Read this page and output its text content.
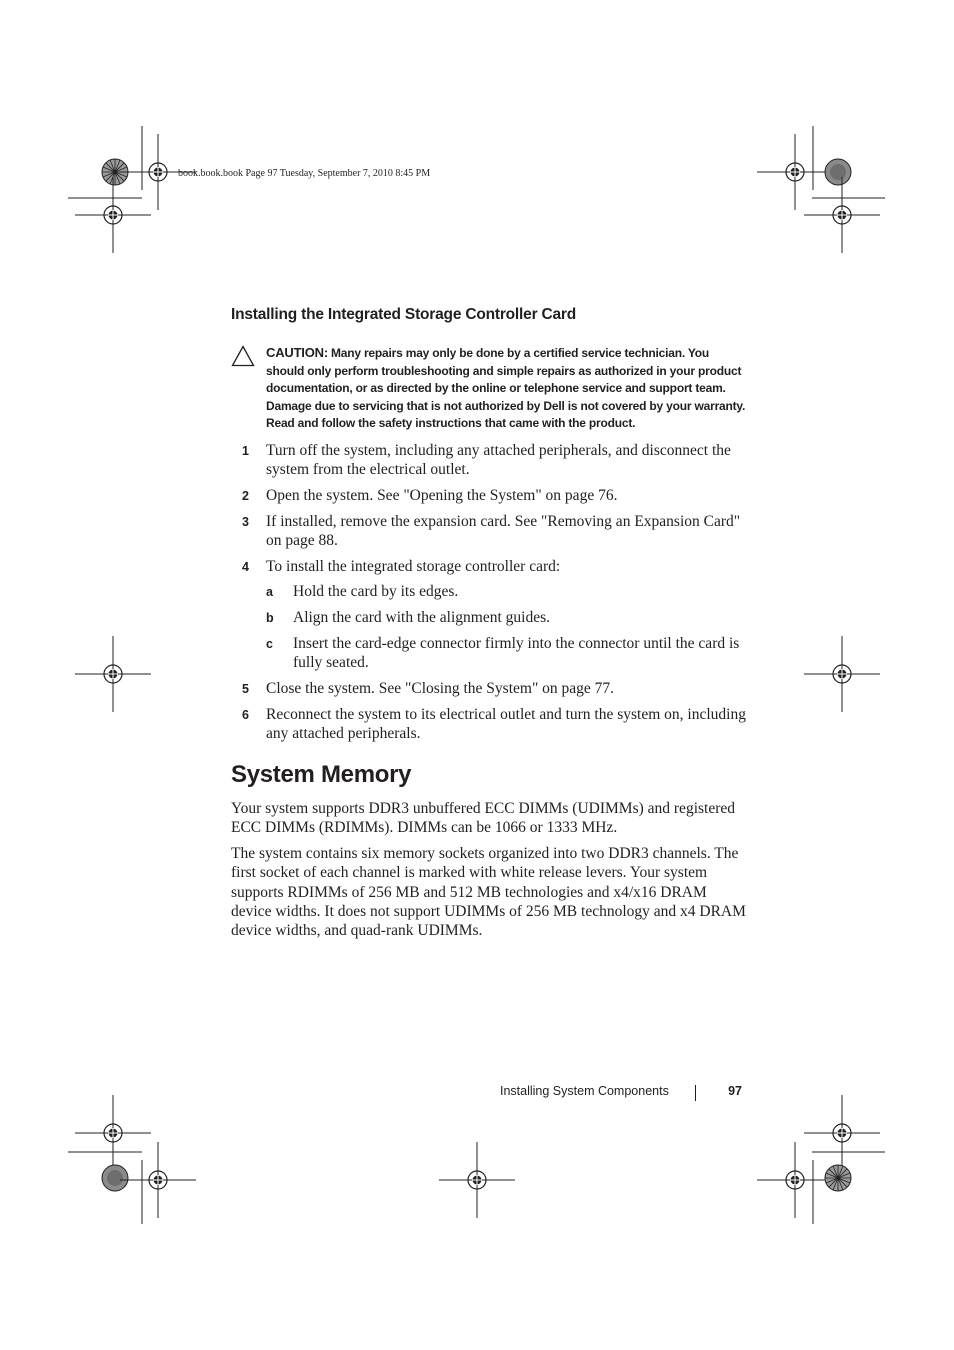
book.book.book Page 97 Tuesday, September 7, 2010 8:45 PM
Installing the Integrated Storage Controller Card
CAUTION: Many repairs may only be done by a certified service technician. You should only perform troubleshooting and simple repairs as authorized in your product documentation, or as directed by the online or telephone service and support team. Damage due to servicing that is not authorized by Dell is not covered by your warranty. Read and follow the safety instructions that came with the product.
1 Turn off the system, including any attached peripherals, and disconnect the system from the electrical outlet.
2 Open the system. See "Opening the System" on page 76.
3 If installed, remove the expansion card. See "Removing an Expansion Card" on page 88.
4 To install the integrated storage controller card:
a Hold the card by its edges.
b Align the card with the alignment guides.
c Insert the card-edge connector firmly into the connector until the card is fully seated.
5 Close the system. See "Closing the System" on page 77.
6 Reconnect the system to its electrical outlet and turn the system on, including any attached peripherals.
System Memory

Your system supports DDR3 unbuffered ECC DIMMs (UDIMMs) and registered ECC DIMMs (RDIMMs). DIMMs can be 1066 or 1333 MHz.

The system contains six memory sockets organized into two DDR3 channels. The first socket of each channel is marked with white release levers. Your system supports RDIMMs of 256 MB and 512 MB technologies and x4/x16 DRAM device widths. It does not support UDIMMs of 256 MB technology and x4 DRAM device widths, and quad-rank UDIMMs.

Installing System Components	97
